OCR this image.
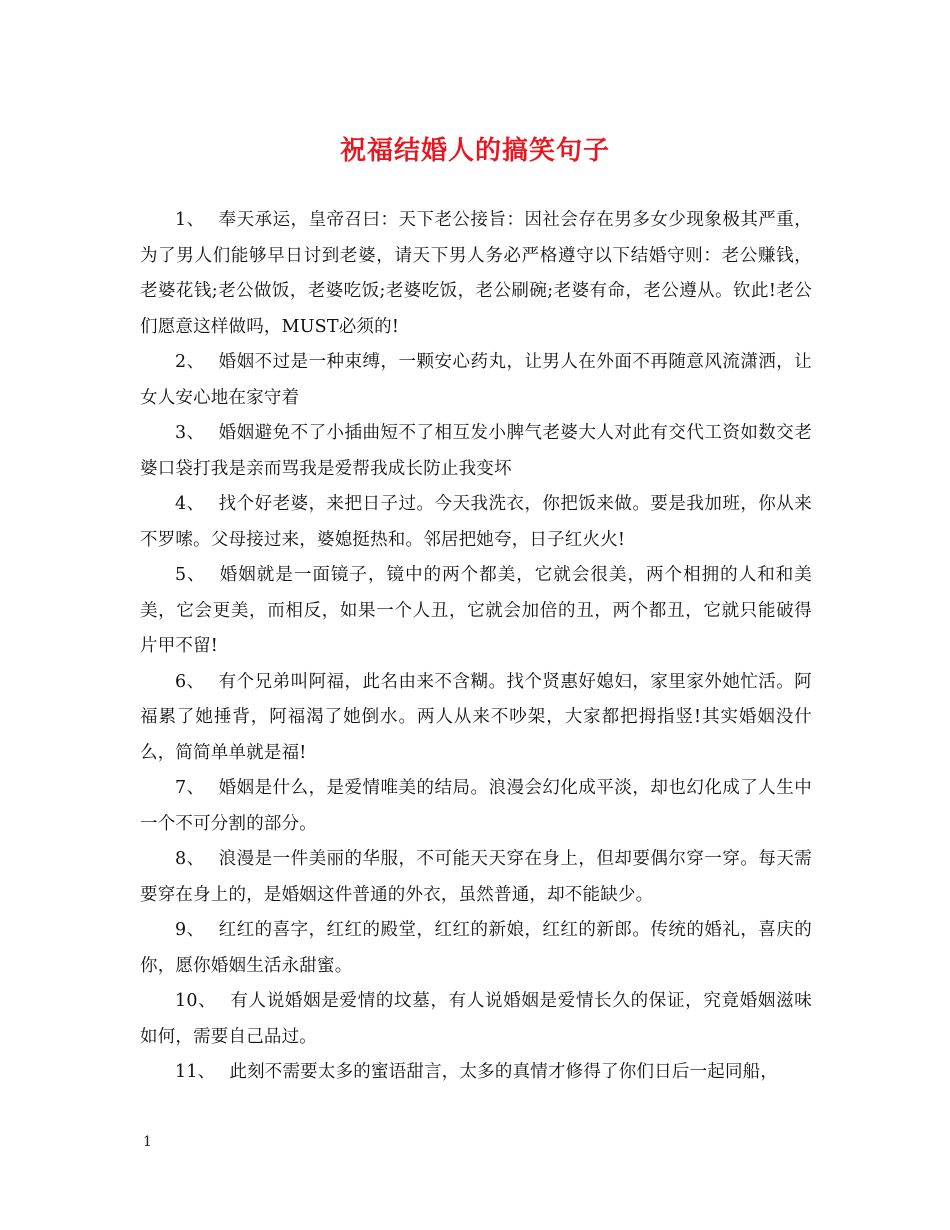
祝福结婚人的搞笑句子

1、 奉天承运，皇帝召曰：天下老公接旨：因社会存在男多女少现象极其严重，为了男人们能够早日讨到老婆，请天下男人务必严格遵守以下结婚守则：老公赚钱，老婆花钱;老公做饭，老婆吃饭;老婆吃饭，老公刷碗;老婆有命，老公遵从。钦此!老公们愿意这样做吗，MUST必须的!

2、 婚姻不过是一种束缚，一颗安心药丸，让男人在外面不再随意风流潇洒，让女人安心地在家守着

3、 婚姻避免不了小插曲短不了相互发小脾气老婆大人对此有交代工资如数交老婆口袋打我是亲而骂我是爱帮我成长防止我变坏

4、 找个好老婆，来把日子过。今天我洗衣，你把饭来做。要是我加班，你从来不罗嗦。父母接过来，婆媳挺热和。邻居把她夸，日子红火火!

5、 婚姻就是一面镜子，镜中的两个都美，它就会很美，两个相拥的人和和美美，它会更美，而相反，如果一个人丑，它就会加倍的丑，两个都丑，它就只能破得片甲不留!

6、 有个兄弟叫阿福，此名由来不含糊。找个贤惠好媳妇，家里家外她忙活。阿福累了她捶背，阿福渴了她倒水。两人从来不吵架，大家都把拇指竖!其实婚姻没什么，简简单单就是福!

7、 婚姻是什么，是爱情唯美的结局。浪漫会幻化成平淡，却也幻化成了人生中一个不可分割的部分。

8、 浪漫是一件美丽的华服，不可能天天穿在身上，但却要偶尔穿一穿。每天需要穿在身上的，是婚姻这件普通的外衣，虽然普通，却不能缺少。

9、 红红的喜字，红红的殿堂，红红的新娘，红红的新郎。传统的婚礼，喜庆的你，愿你婚姻生活永甜蜜。

10、 有人说婚姻是爱情的坟墓，有人说婚姻是爱情长久的保证，究竟婚姻滋味如何，需要自己品过。

11、 此刻不需要太多的蜜语甜言，太多的真情才修得了你们日后一起同船，

1
